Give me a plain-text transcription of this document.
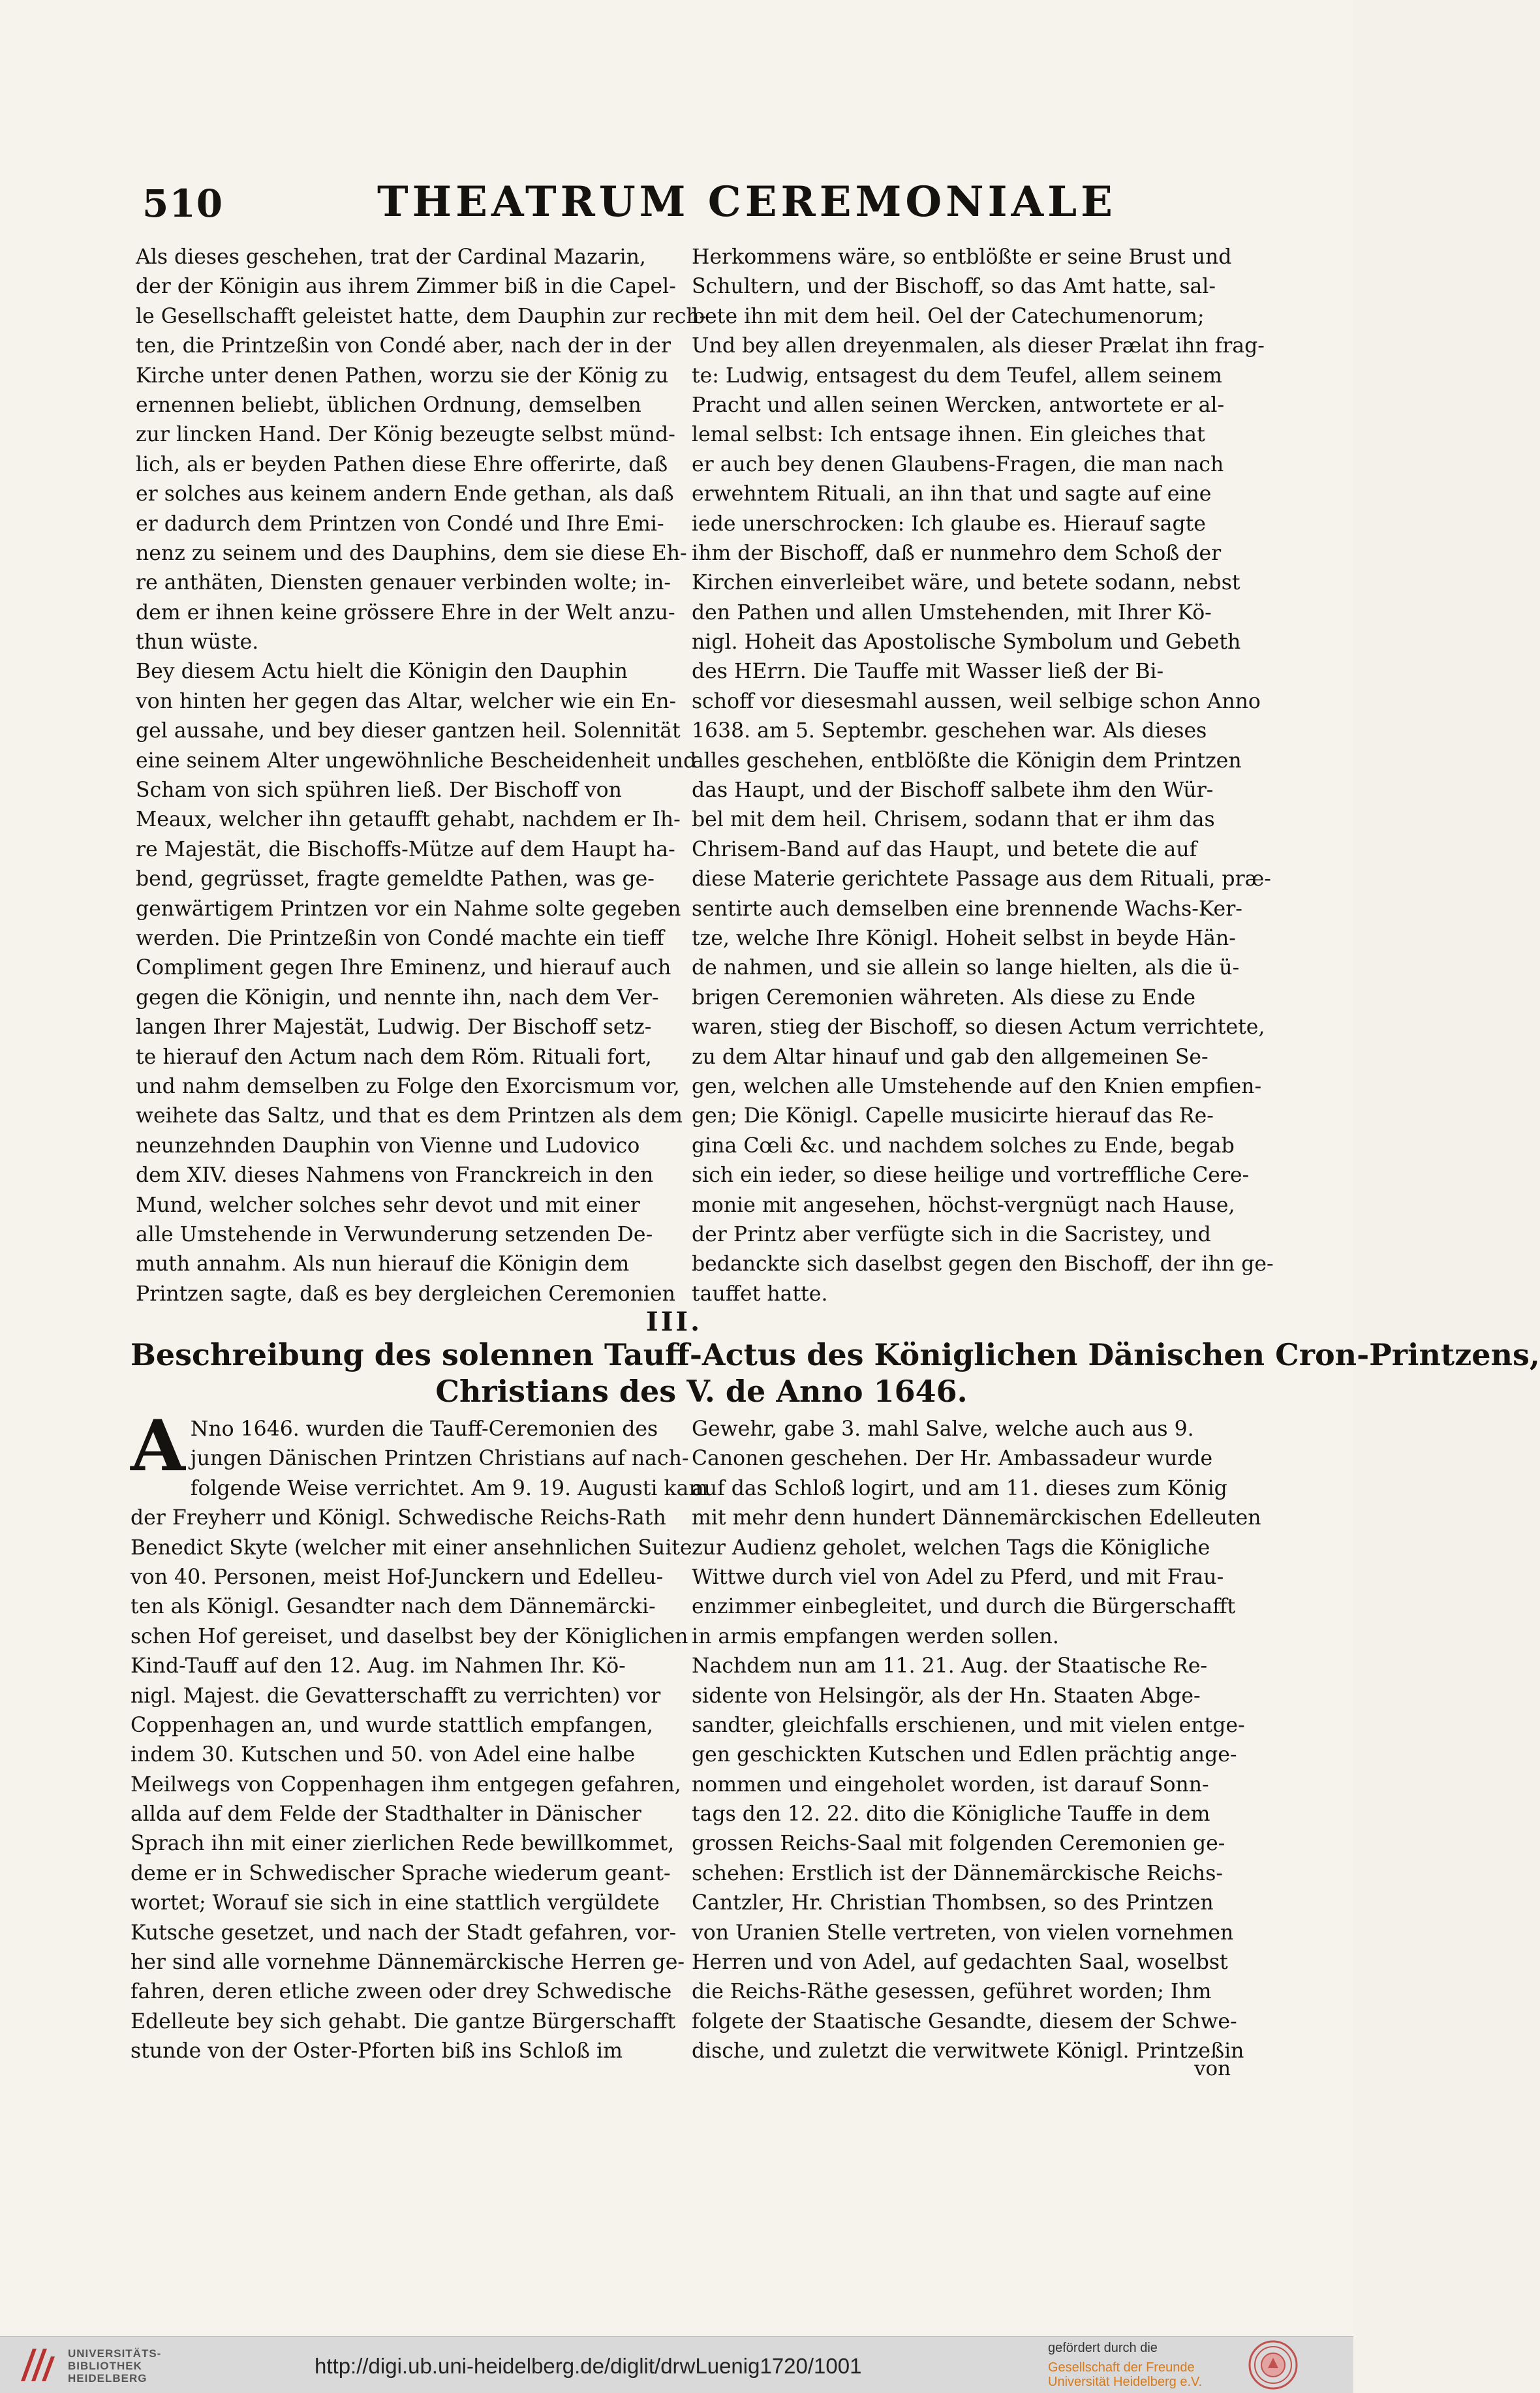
510	THEATRUM CEREMONIALE
Als dieses geschehen, trat der Cardinal Mazarin,
der der Königin aus ihrem Zimmer biß in die Capel-
le Gesellschafft geleistet hatte, dem Dauphin zur rech-
ten, die Printzeßin von Condé aber, nach der in der
Kirche unter denen Pathen, worzu sie der König zu
ernennen beliebt, üblichen Ordnung, demselben
zur lincken Hand. Der König bezeugte selbst münd-
lich, als er beyden Pathen diese Ehre offerirte, daß
er solches aus keinem andern Ende gethan, als daß
er dadurch dem Printzen von Condé und Ihre Emi-
nenz zu seinem und des Dauphins, dem sie diese Eh-
re anthäten, Diensten genauer verbinden wolte; in-
dem er ihnen keine grössere Ehre in der Welt anzu-
thun wüste.
Bey diesem Actu hielt die Königin den Dauphin
von hinten her gegen das Altar, welcher wie ein En-
gel aussahe, und bey dieser gantzen heil. Solennität
eine seinem Alter ungewöhnliche Bescheidenheit und
Scham von sich spühren ließ. Der Bischoff von
Meaux, welcher ihn getaufft gehabt, nachdem er Ih-
re Majestät, die Bischoffs-Mütze auf dem Haupt ha-
bend, gegrüsset, fragte gemeldte Pathen, was ge-
genwärtigem Printzen vor ein Nahme solte gegeben
werden. Die Printzeßin von Condé machte ein tieff
Compliment gegen Ihre Eminenz, und hierauf auch
gegen die Königin, und nennte ihn, nach dem Ver-
langen Ihrer Majestät, Ludwig. Der Bischoff setz-
te hierauf den Actum nach dem Röm. Rituali fort,
und nahm demselben zu Folge den Exorcismum vor,
weihete das Saltz, und that es dem Printzen als dem
neunzehnden Dauphin von Vienne und Ludovico
dem XIV. dieses Nahmens von Franckreich in den
Mund, welcher solches sehr devot und mit einer
alle Umstehende in Verwunderung setzenden De-
muth annahm. Als nun hierauf die Königin dem
Printzen sagte, daß es bey dergleichen Ceremonien
Herkommens wäre, so entblößte er seine Brust und
Schultern, und der Bischoff, so das Amt hatte, sal-
bete ihn mit dem heil. Oel der Catechumenorum;
Und bey allen dreyenmalen, als dieser Prælat ihn frag-
te: Ludwig, entsagest du dem Teufel, allem seinem
Pracht und allen seinen Wercken, antwortete er al-
lemal selbst: Ich entsage ihnen. Ein gleiches that
er auch bey denen Glaubens-Fragen, die man nach
erwehntem Rituali, an ihn that und sagte auf eine
iede unerschrocken: Ich glaube es. Hierauf sagte
ihm der Bischoff, daß er nunmehro dem Schoß der
Kirchen einverleibet wäre, und betete sodann, nebst
den Pathen und allen Umstehenden, mit Ihrer Kö-
nigl. Hoheit das Apostolische Symbolum und Gebeth
des HErrn. Die Tauffe mit Wasser ließ der Bi-
schoff vor diesesmahl aussen, weil selbige schon Anno
1638. am 5. Septembr. geschehen war. Als dieses
alles geschehen, entblößte die Königin dem Printzen
das Haupt, und der Bischoff salbete ihm den Wür-
bel mit dem heil. Chrisem, sodann that er ihm das
Chrisem-Band auf das Haupt, und betete die auf
diese Materie gerichtete Passage aus dem Rituali, præ-
sentirte auch demselben eine brennende Wachs-Ker-
tze, welche Ihre Königl. Hoheit selbst in beyde Hän-
de nahmen, und sie allein so lange hielten, als die ü-
brigen Ceremonien währeten. Als diese zu Ende
waren, stieg der Bischoff, so diesen Actum verrichtete,
zu dem Altar hinauf und gab den allgemeinen Se-
gen, welchen alle Umstehende auf den Knien empfien-
gen; Die Königl. Capelle musicirte hierauf das Re-
gina Cœli &c. und nachdem solches zu Ende, begab
sich ein ieder, so diese heilige und vortreffliche Cere-
monie mit angesehen, höchst-vergnügt nach Hause,
der Printz aber verfügte sich in die Sacristey, und
bedanckte sich daselbst gegen den Bischoff, der ihn ge-
tauffet hatte.
III.
Beschreibung des solennen Tauff-Actus des Königlichen Dänischen Cron-Printzens,
Christians des V. de Anno 1646.
A Nno 1646. wurden die Tauff-Ceremonien des
jungen Dänischen Printzen Christians auf nach-
folgende Weise verrichtet. Am 9. 19. Augusti kam
der Freyherr und Königl. Schwedische Reichs-Rath
Benedict Skyte (welcher mit einer ansehnlichen Suite
von 40. Personen, meist Hof-Junckern und Edelleu-
ten als Königl. Gesandter nach dem Dännemärcki-
schen Hof gereiset, und daselbst bey der Königlichen
Kind-Tauff auf den 12. Aug. im Nahmen Ihr. Kö-
nigl. Majest. die Gevatterschafft zu verrichten) vor
Coppenhagen an, und wurde stattlich empfangen,
indem 30. Kutschen und 50. von Adel eine halbe
Meilwegs von Coppenhagen ihm entgegen gefahren,
allda auf dem Felde der Stadthalter in Dänischer
Sprach ihn mit einer zierlichen Rede bewillkommet,
deme er in Schwedischer Sprache wiederum geant-
wortet; Worauf sie sich in eine stattlich vergüldete
Kutsche gesetzet, und nach der Stadt gefahren, vor-
her sind alle vornehme Dännemärckische Herren ge-
fahren, deren etliche zween oder drey Schwedische
Edelleute bey sich gehabt. Die gantze Bürgerschafft
stunde von der Oster-Pforten biß ins Schloß im
Gewehr, gabe 3. mahl Salve, welche auch aus 9.
Canonen geschehen. Der Hr. Ambassadeur wurde
auf das Schloß logirt, und am 11. dieses zum König
mit mehr denn hundert Dännemärckischen Edelleuten
zur Audienz geholet, welchen Tags die Königliche
Wittwe durch viel von Adel zu Pferd, und mit Frau-
enzimmer einbegleitet, und durch die Bürgerschafft
in armis empfangen werden sollen.
Nachdem nun am 11. 21. Aug. der Staatische Re-
sidente von Helsingör, als der Hn. Staaten Abge-
sandter, gleichfalls erschienen, und mit vielen entge-
gen geschickten Kutschen und Edlen prächtig ange-
nommen und eingeholet worden, ist darauf Sonn-
tags den 12. 22. dito die Königliche Tauffe in dem
grossen Reichs-Saal mit folgenden Ceremonien ge-
schehen: Erstlich ist der Dännemärckische Reichs-
Cantzler, Hr. Christian Thombsen, so des Printzen
von Uranien Stelle vertreten, von vielen vornehmen
Herren und von Adel, auf gedachten Saal, woselbst
die Reichs-Räthe gesessen, geführet worden; Ihm
folgete der Staatische Gesandte, diesem der Schwe-
dische, und zuletzt die verwitwete Königl. Printzeßin
von
UNIVERSITÄTS-
BIBLIOTHEK
HEIDELBERG
http://digi.ub.uni-heidelberg.de/diglit/drwLuenig1720/1001
gefördert durch die
Gesellschaft der Freunde
Universität Heidelberg e.V.
